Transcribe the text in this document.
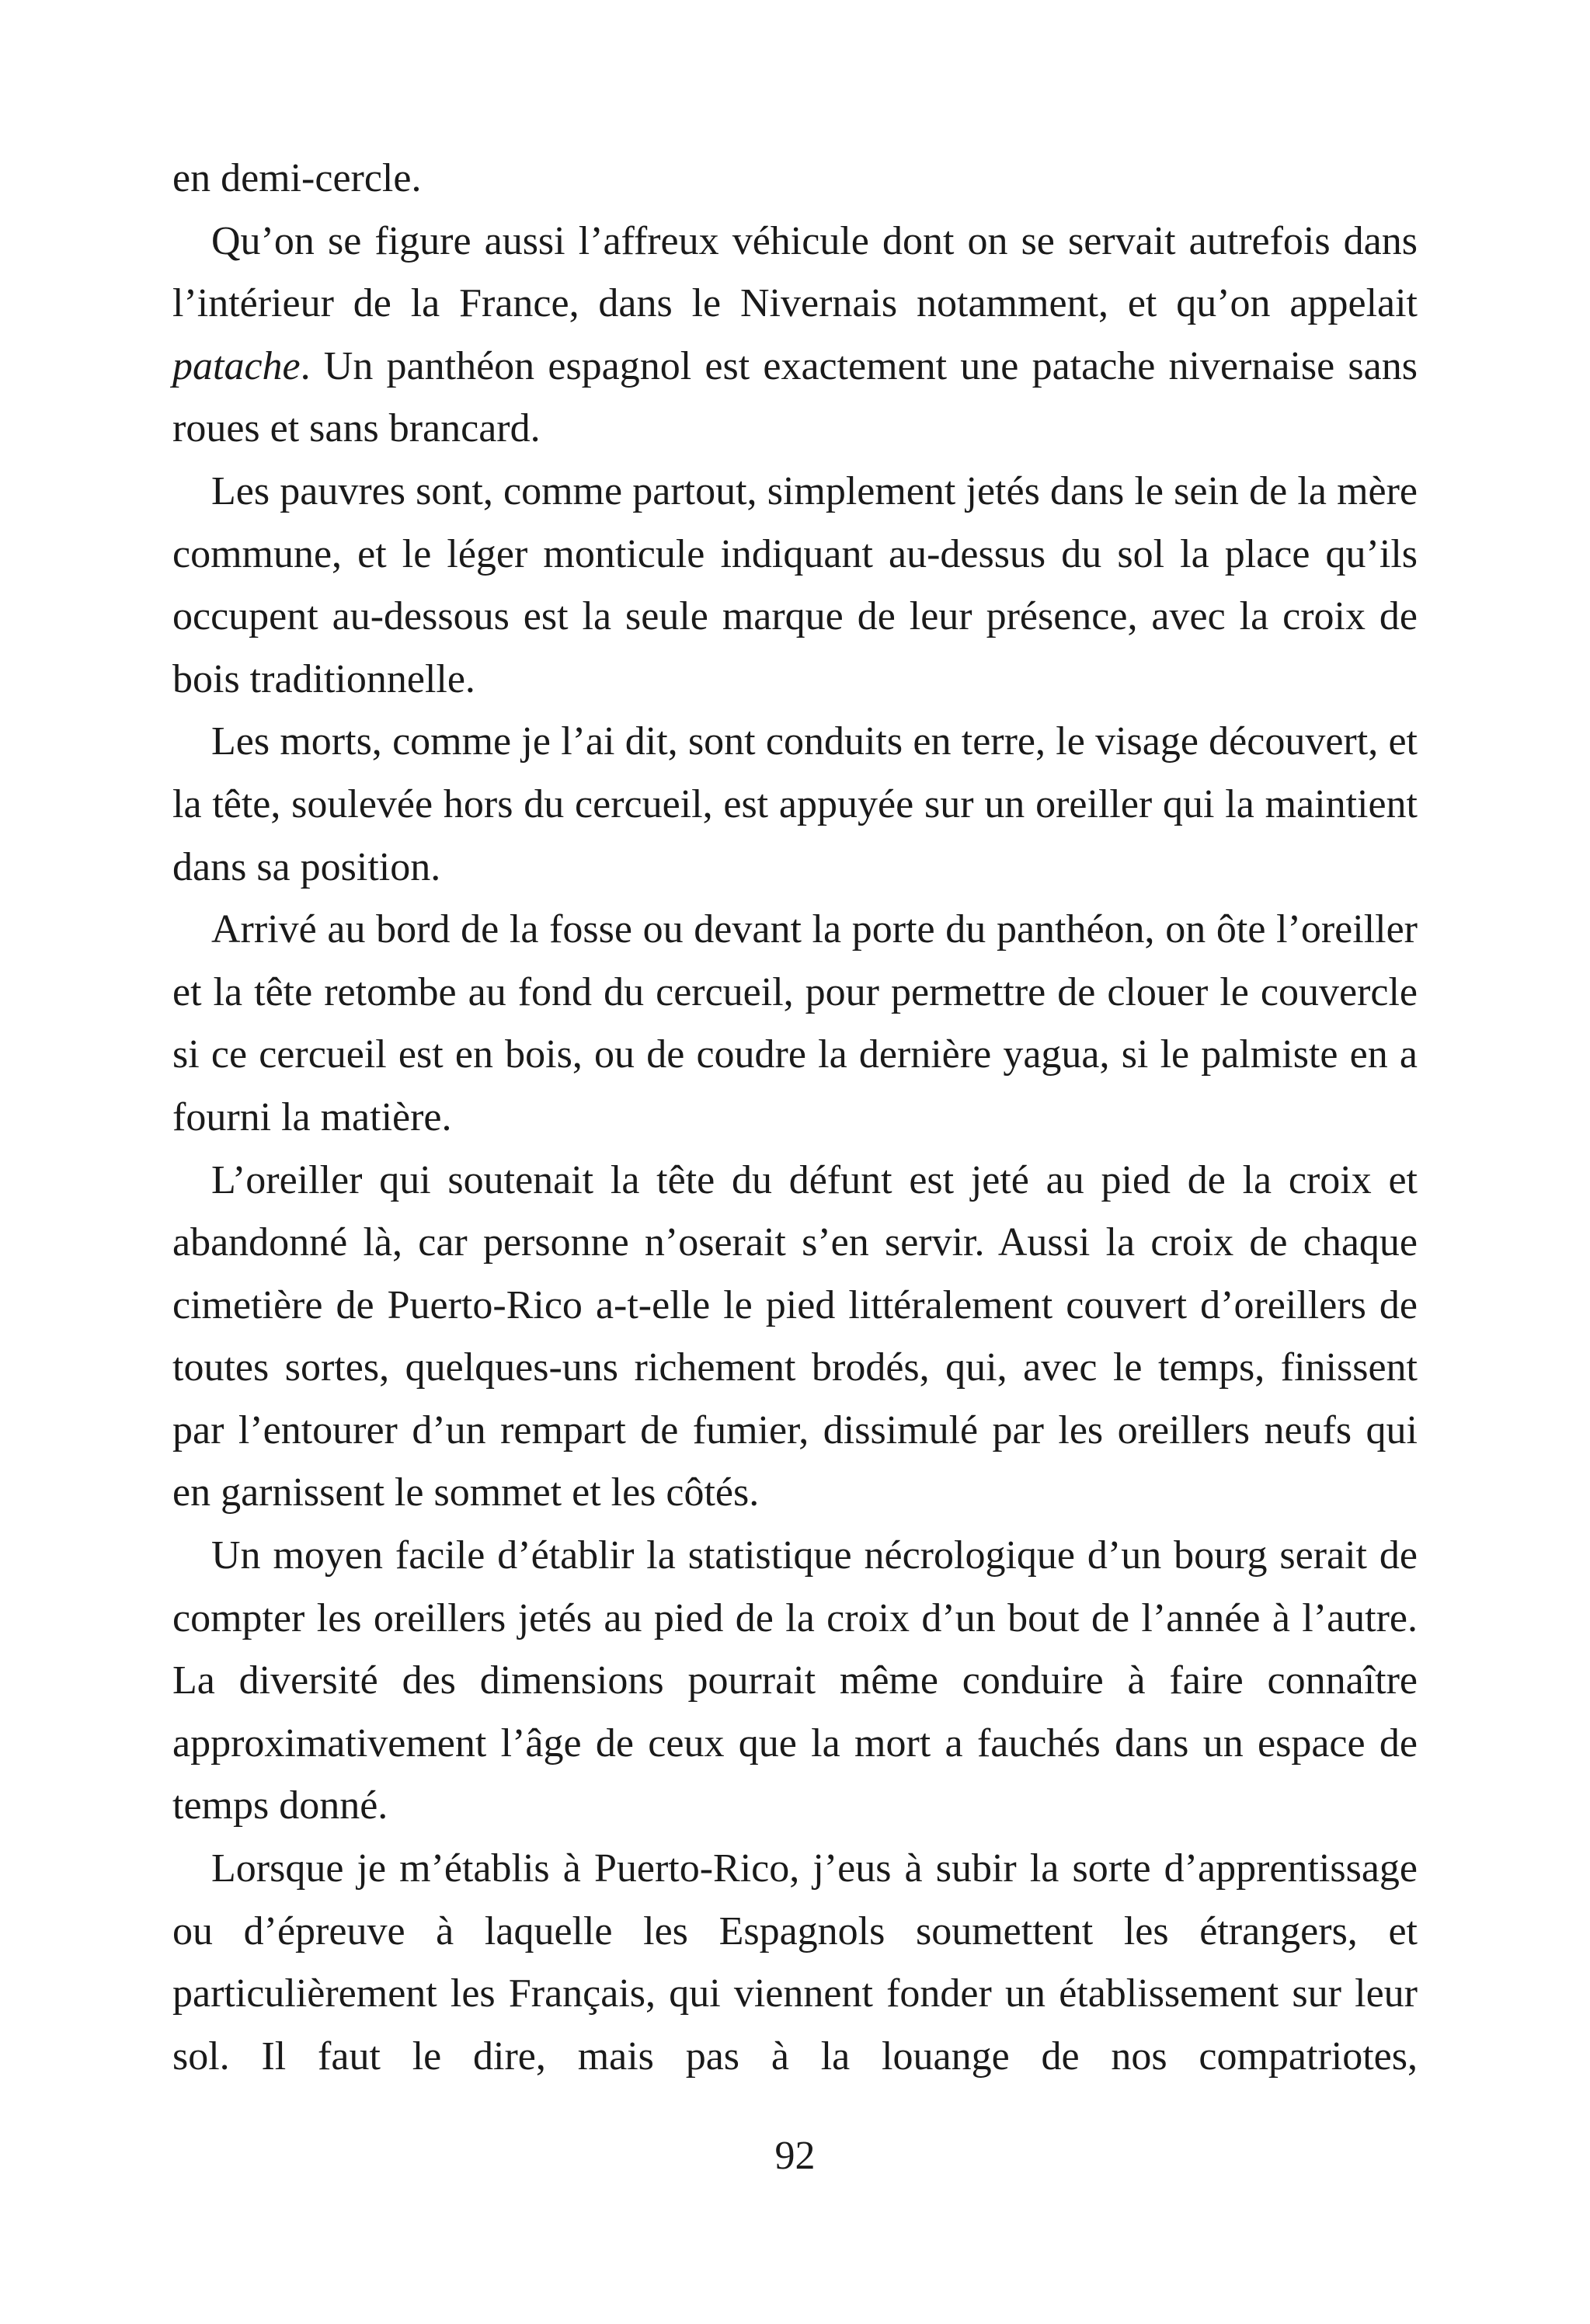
en demi-cercle.

Qu’on se figure aussi l’affreux véhicule dont on se servait autrefois dans l’intérieur de la France, dans le Nivernais notamment, et qu’on appelait patache. Un panthéon espagnol est exactement une patache nivernaise sans roues et sans brancard.

Les pauvres sont, comme partout, simplement jetés dans le sein de la mère commune, et le léger monticule indiquant au-dessus du sol la place qu’ils occupent au-dessous est la seule marque de leur présence, avec la croix de bois traditionnelle.

Les morts, comme je l’ai dit, sont conduits en terre, le visage découvert, et la tête, soulevée hors du cercueil, est appuyée sur un oreiller qui la maintient dans sa position.

Arrivé au bord de la fosse ou devant la porte du panthéon, on ôte l’oreiller et la tête retombe au fond du cercueil, pour permettre de clouer le couvercle si ce cercueil est en bois, ou de coudre la dernière yagua, si le palmiste en a fourni la matière.

L’oreiller qui soutenait la tête du défunt est jeté au pied de la croix et abandonné là, car personne n’oserait s’en servir. Aussi la croix de chaque cimetière de Puerto-Rico a-t-elle le pied littéralement couvert d’oreillers de toutes sortes, quelques-uns richement brodés, qui, avec le temps, finissent par l’entourer d’un rempart de fumier, dissimulé par les oreillers neufs qui en garnissent le sommet et les côtés.

Un moyen facile d’établir la statistique nécrologique d’un bourg serait de compter les oreillers jetés au pied de la croix d’un bout de l’année à l’autre. La diversité des dimensions pourrait même conduire à faire connaître approximativement l’âge de ceux que la mort a fauchés dans un espace de temps donné.

Lorsque je m’établis à Puerto-Rico, j’eus à subir la sorte d’apprentissage ou d’épreuve à laquelle les Espagnols soumettent les étrangers, et particulièrement les Français, qui viennent fonder un établissement sur leur sol. Il faut le dire, mais pas à la louange de nos compatriotes,

92
